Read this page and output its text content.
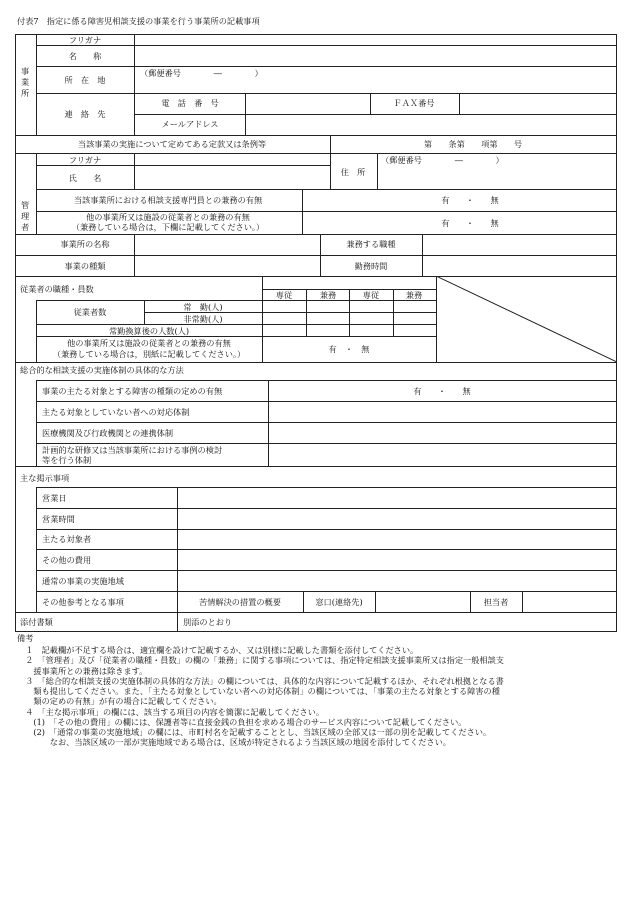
付表7　指定に係る障害児相談支援の事業を行う事業所の記載事項
事
業
所
フリガナ
名　　称
所　在　地
（郵便番号　　　　―　　　　）
連　絡　先
電　話　番　号	ＦＡＸ番号
メールアドレス
当該事業の実施について定めてある定款又は条例等	第　　条第　　項第　　号
管
理
者
フリガナ
氏　　名
住　所
（郵便番号　　　　―　　　　）
当該事業所における相談支援専門員との兼務の有無	有　　・　　無
他の事業所又は施設の従業者との兼務の有無
（兼務している場合は，下欄に記載してください。）	有　　・　　無
事業所の名称	兼務する職種
事業の種類	勤務時間
従業者の職種・員数
専従	兼務	専従	兼務
従業者数	常　勤(人)
非常勤(人)
常勤換算後の人数(人)
他の事業所又は施設の従業者との兼務の有無
（兼務している場合は，別紙に記載してください。）	有　・　無
総合的な相談支援の実施体制の具体的な方法
事業の主たる対象とする障害の種類の定めの有無	有　　・　　無
主たる対象としていない者への対応体制
医療機関及び行政機関との連携体制
計画的な研修又は当該事業所における事例の検討
等を行う体制
主な掲示事項
営業日
営業時間
主たる対象者
その他の費用
通常の事業の実施地域
その他参考となる事項	苦情解決の措置の概要	窓口(連絡先)	担当者
添付書類	別添のとおり
備考
　１　記載欄が不足する場合は、適宜欄を設けて記載するか、又は別様に記載した書類を添付してください。
　２　「管理者」及び「従業者の職種・員数」の欄の「兼務」に関する事項については、指定特定相談支援事業所又は指定一般相談支
　　援事業所との兼務は除きます。
　３　「総合的な相談支援の実施体制の具体的な方法」の欄については、具体的な内容について記載するほか、それぞれ根拠となる書
　　類も提出してください。また、「主たる対象としていない者への対応体制」の欄については、「事業の主たる対象とする障害の種
　　類の定めの有無」が有の場合に記載してください。
　４　「主な掲示事項」の欄には、該当する項目の内容を簡潔に記載してください。
　　(1)　「その他の費用」の欄には、保護者等に直接金銭の負担を求める場合のサービス内容について記載してください。
　　(2)　「通常の事業の実施地域」の欄には、市町村名を記載することとし、当該区域の全部又は一部の別を記載してください。
　　　　なお、当該区域の一部が実施地域である場合は、区域が特定されるよう当該区域の地図を添付してください。
